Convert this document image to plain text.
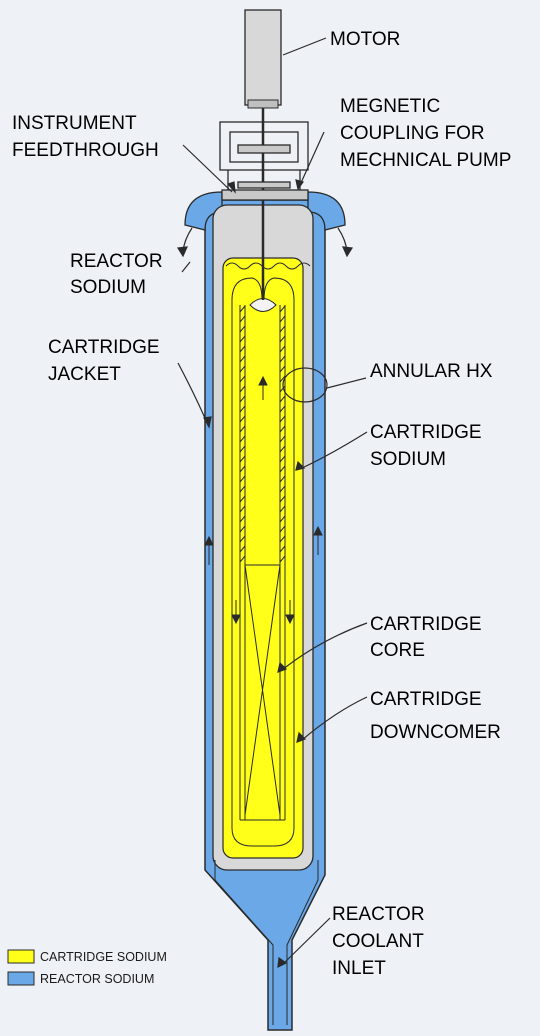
MOTOR
MEGNETIC
COUPLING FOR
MECHNICAL PUMP
INSTRUMENT
FEEDTHROUGH
REACTOR
SODIUM
CARTRIDGE
JACKET	ANNULAR HX
CARTRIDGE
SODIUM
CARTRIDGE
CORE
CARTRIDGE
DOWNCOMER
REACTOR
COOLANT
INLET
CARTRIDGE SODIUM
REACTOR SODIUM
